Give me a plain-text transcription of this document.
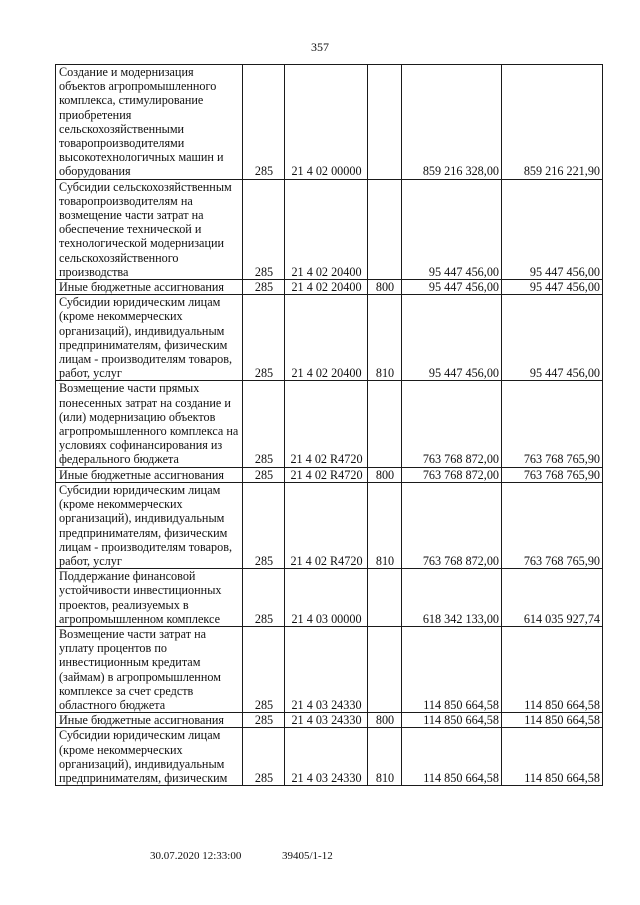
357
Создание и модернизация объектов агропромышленного комплекса, стимулирование приобретения сельскохозяйственными товаропроизводителями высокотехнологичных машин и оборудования	285	21 4 02 00000		859 216 328,00	859 216 221,90
Субсидии сельскохозяйственным товаропроизводителям на возмещение части затрат на обеспечение технической и технологической модернизации сельскохозяйственного производства	285	21 4 02 20400		95 447 456,00	95 447 456,00
Иные бюджетные ассигнования	285	21 4 02 20400	800	95 447 456,00	95 447 456,00
Субсидии юридическим лицам (кроме некоммерческих организаций), индивидуальным предпринимателям, физическим лицам - производителям товаров, работ, услуг	285	21 4 02 20400	810	95 447 456,00	95 447 456,00
Возмещение части прямых понесенных затрат на создание и (или) модернизацию объектов агропромышленного комплекса на условиях софинансирования из федерального бюджета	285	21 4 02 R4720		763 768 872,00	763 768 765,90
Иные бюджетные ассигнования	285	21 4 02 R4720	800	763 768 872,00	763 768 765,90
Субсидии юридическим лицам (кроме некоммерческих организаций), индивидуальным предпринимателям, физическим лицам - производителям товаров, работ, услуг	285	21 4 02 R4720	810	763 768 872,00	763 768 765,90
Поддержание финансовой устойчивости инвестиционных проектов, реализуемых в агропромышленном комплексе	285	21 4 03 00000		618 342 133,00	614 035 927,74
Возмещение части затрат на уплату процентов по инвестиционным кредитам (займам) в агропромышленном комплексе за счет средств областного бюджета	285	21 4 03 24330		114 850 664,58	114 850 664,58
Иные бюджетные ассигнования	285	21 4 03 24330	800	114 850 664,58	114 850 664,58
Субсидии юридическим лицам (кроме некоммерческих организаций), индивидуальным предпринимателям, физическим	285	21 4 03 24330	810	114 850 664,58	114 850 664,58
30.07.2020 12:33:00	39405/1-12
